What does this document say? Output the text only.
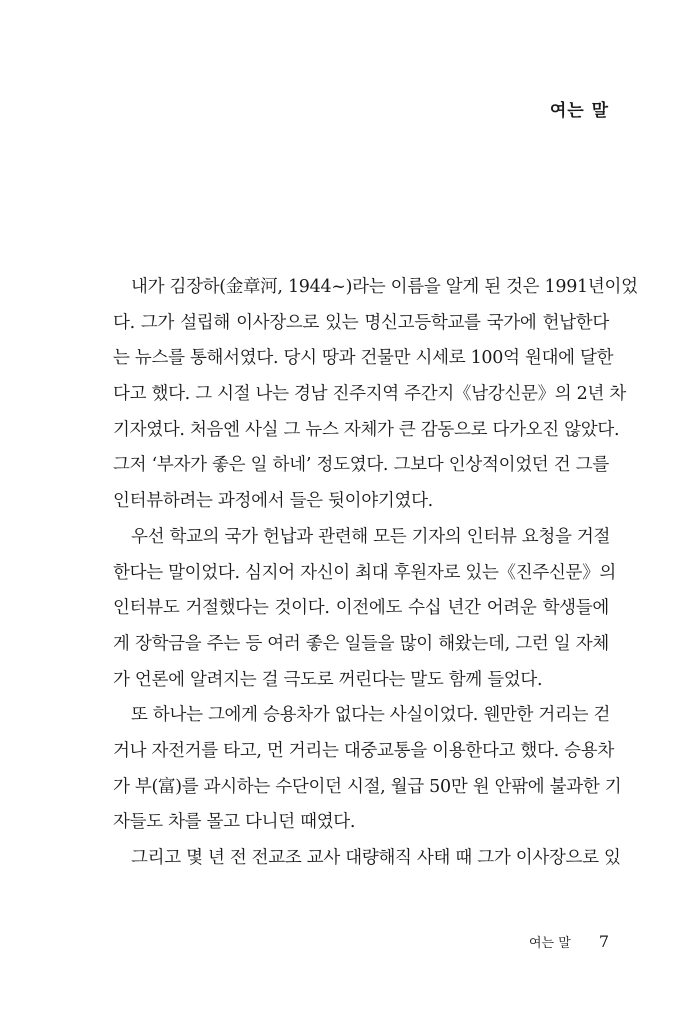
여는 말
내가 김장하(金章河, 1944~)라는 이름을 알게 된 것은 1991년이었
다. 그가 설립해 이사장으로 있는 명신고등학교를 국가에 헌납한다
는 뉴스를 통해서였다. 당시 땅과 건물만 시세로 100억 원대에 달한
다고 했다. 그 시절 나는 경남 진주지역 주간지《남강신문》의 2년 차
기자였다. 처음엔 사실 그 뉴스 자체가 큰 감동으로 다가오진 않았다.
그저 ‘부자가 좋은 일 하네’ 정도였다. 그보다 인상적이었던 건 그를
인터뷰하려는 과정에서 들은 뒷이야기였다.
우선 학교의 국가 헌납과 관련해 모든 기자의 인터뷰 요청을 거절
한다는 말이었다. 심지어 자신이 최대 후원자로 있는《진주신문》의
인터뷰도 거절했다는 것이다. 이전에도 수십 년간 어려운 학생들에
게 장학금을 주는 등 여러 좋은 일들을 많이 해왔는데, 그런 일 자체
가 언론에 알려지는 걸 극도로 꺼린다는 말도 함께 들었다.
또 하나는 그에게 승용차가 없다는 사실이었다. 웬만한 거리는 걷
거나 자전거를 타고, 먼 거리는 대중교통을 이용한다고 했다. 승용차
가 부(富)를 과시하는 수단이던 시절, 월급 50만 원 안팎에 불과한 기
자들도 차를 몰고 다니던 때였다.
그리고 몇 년 전 전교조 교사 대량해직 사태 때 그가 이사장으로 있
여는 말 7
